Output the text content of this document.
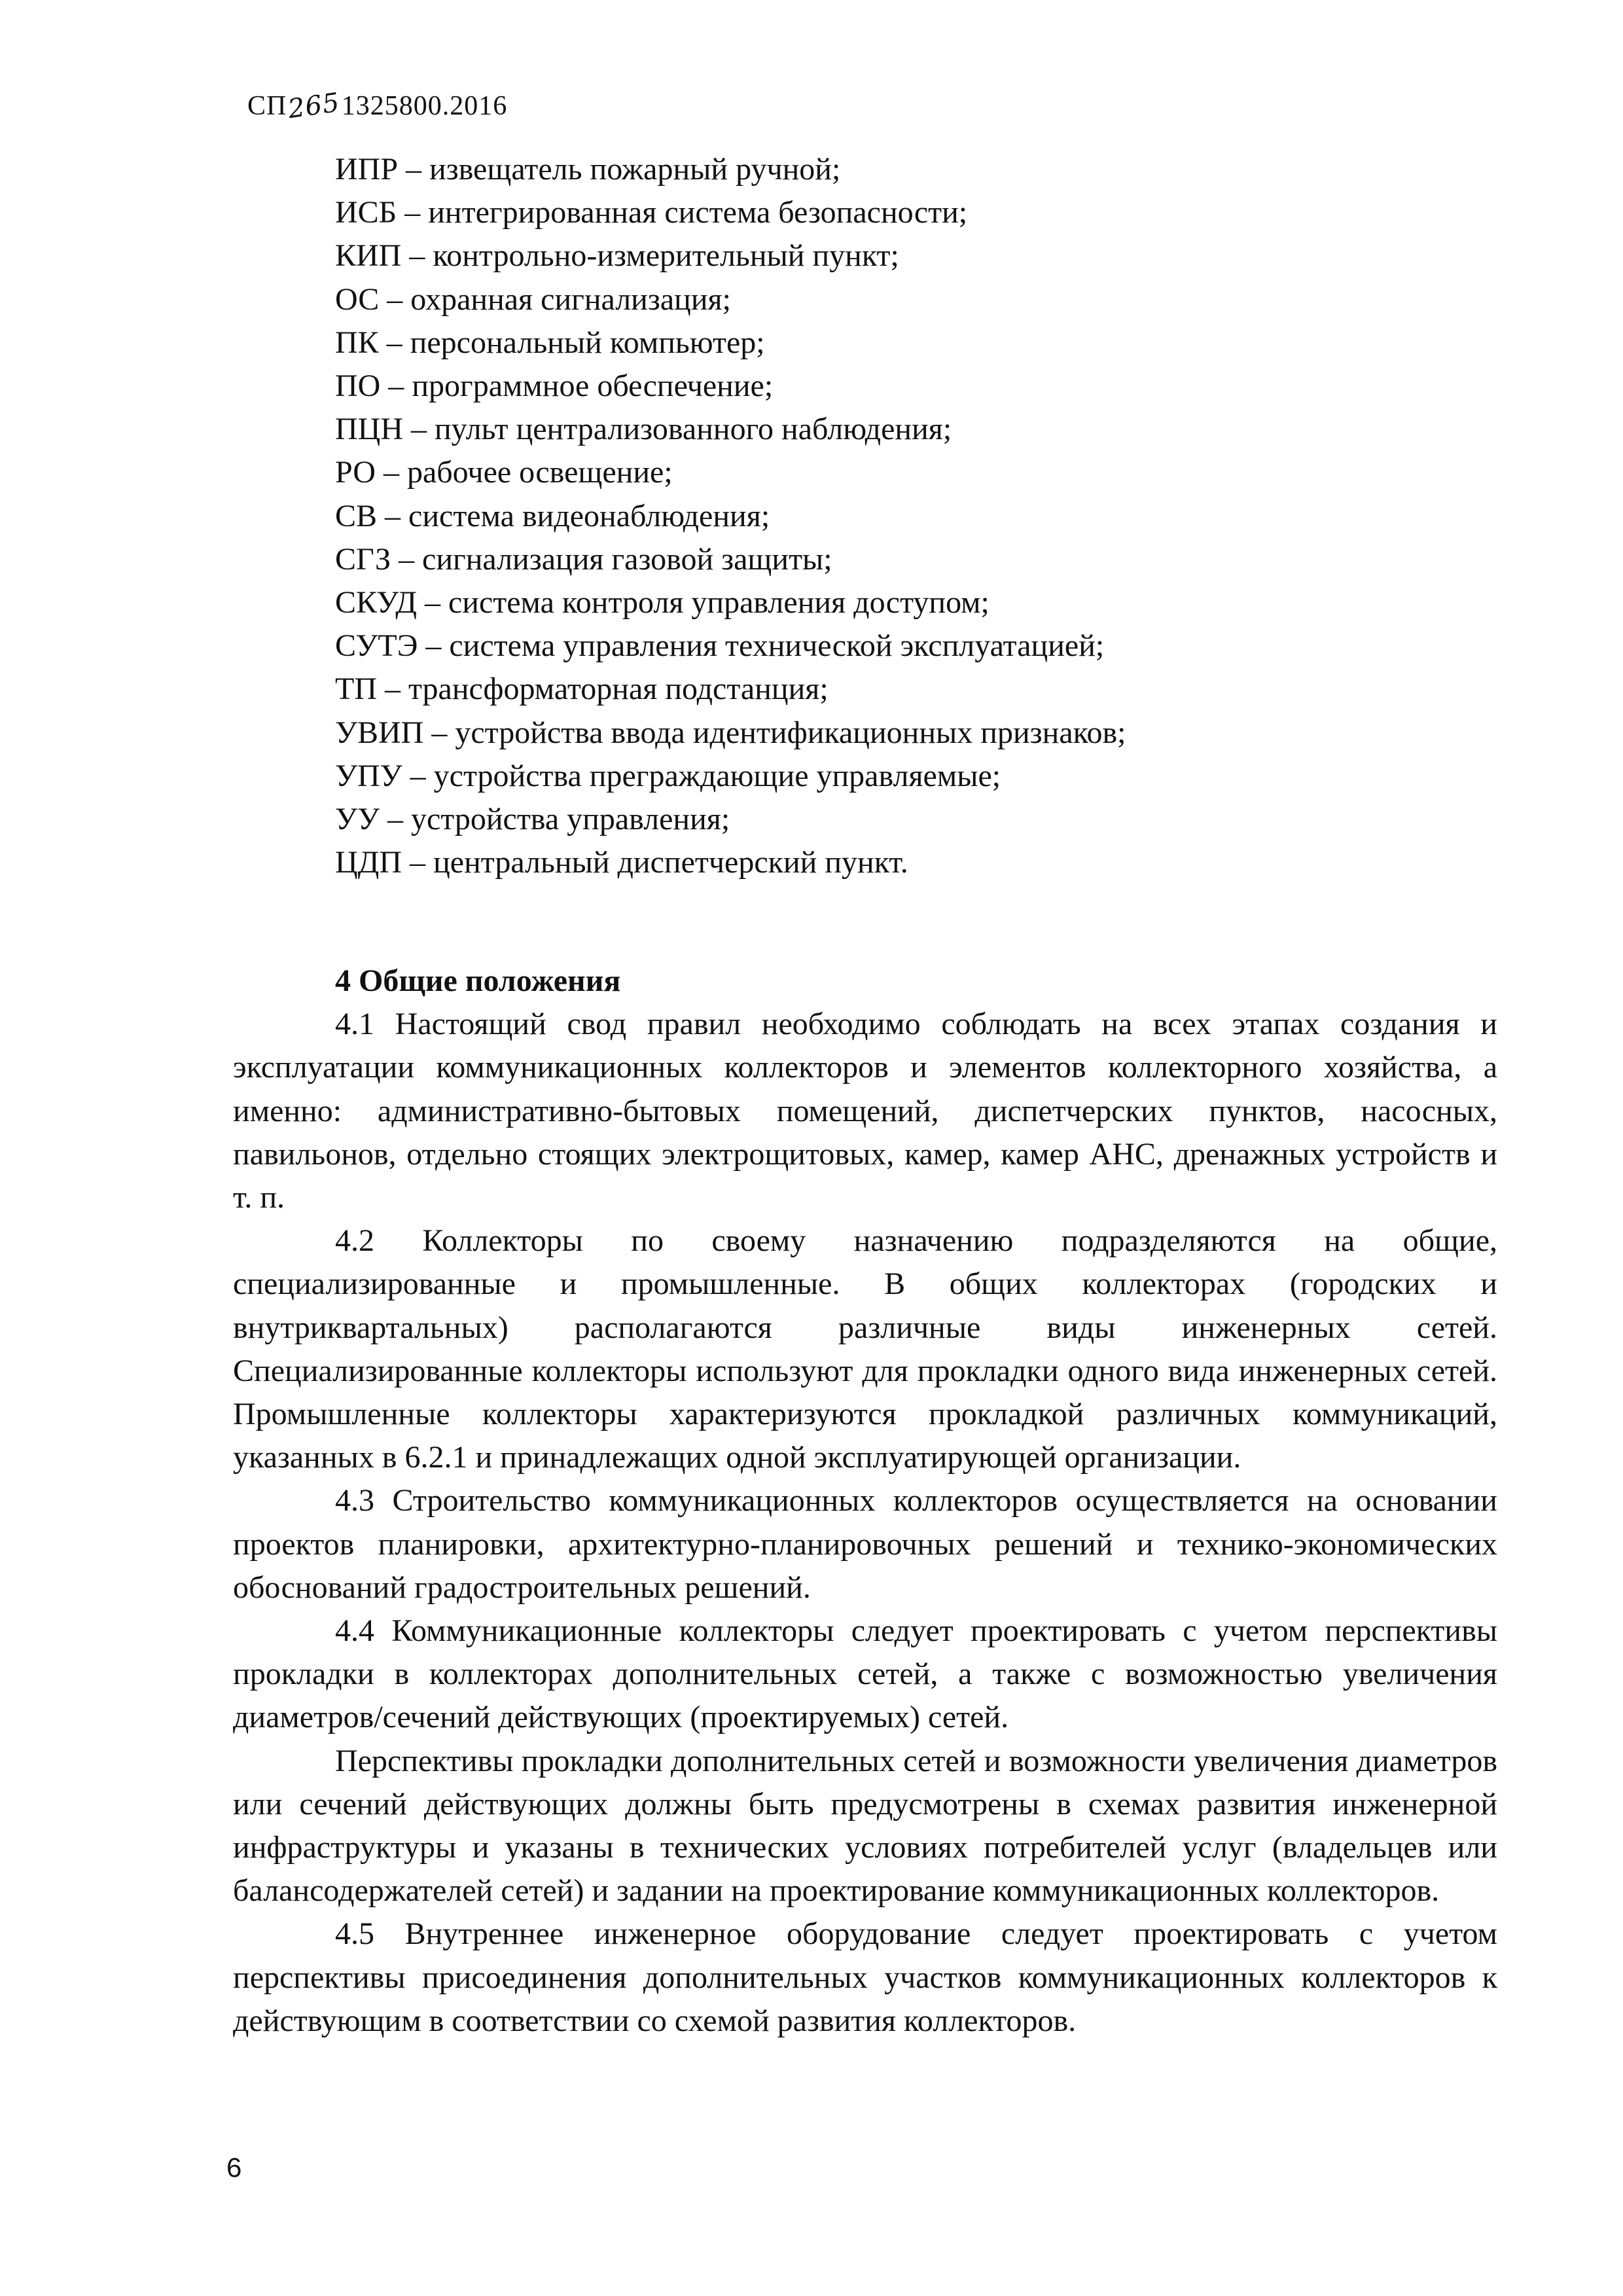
СП 265 1325800.2016
ИПР – извещатель пожарный ручной;
ИСБ – интегрированная система безопасности;
КИП – контрольно-измерительный пункт;
ОС – охранная сигнализация;
ПК – персональный компьютер;
ПО – программное обеспечение;
ПЦН – пульт централизованного наблюдения;
РО – рабочее освещение;
СВ – система видеонаблюдения;
СГЗ – сигнализация газовой защиты;
СКУД – система контроля управления доступом;
СУТЭ – система управления технической эксплуатацией;
ТП – трансформаторная подстанция;
УВИП – устройства ввода идентификационных признаков;
УПУ – устройства преграждающие управляемые;
УУ – устройства управления;
ЦДП – центральный диспетчерский пункт.
4 Общие положения

4.1 Настоящий свод правил необходимо соблюдать на всех этапах создания и эксплуатации коммуникационных коллекторов и элементов коллекторного хозяйства, а именно: административно-бытовых помещений, диспетчерских пунктов, насосных, павильонов, отдельно стоящих электрощитовых, камер, камер АНС, дренажных устройств и т. п.

4.2 Коллекторы по своему назначению подразделяются на общие, специализированные и промышленные. В общих коллекторах (городских и внутриквартальных) располагаются различные виды инженерных сетей. Специализированные коллекторы используют для прокладки одного вида инженерных сетей. Промышленные коллекторы характеризуются прокладкой различных коммуникаций, указанных в 6.2.1 и принадлежащих одной эксплуатирующей организации.

4.3 Строительство коммуникационных коллекторов осуществляется на основании проектов планировки, архитектурно-планировочных решений и технико-экономических обоснований градостроительных решений.

4.4 Коммуникационные коллекторы следует проектировать с учетом перспективы прокладки в коллекторах дополнительных сетей, а также с возможностью увеличения диаметров/сечений действующих (проектируемых) сетей.

Перспективы прокладки дополнительных сетей и возможности увеличения диаметров или сечений действующих должны быть предусмотрены в схемах развития инженерной инфраструктуры и указаны в технических условиях потребителей услуг (владельцев или балансодержателей сетей) и задании на проектирование коммуникационных коллекторов.

4.5 Внутреннее инженерное оборудование следует проектировать с учетом перспективы присоединения дополнительных участков коммуникационных коллекторов к действующим в соответствии со схемой развития коллекторов.

6
